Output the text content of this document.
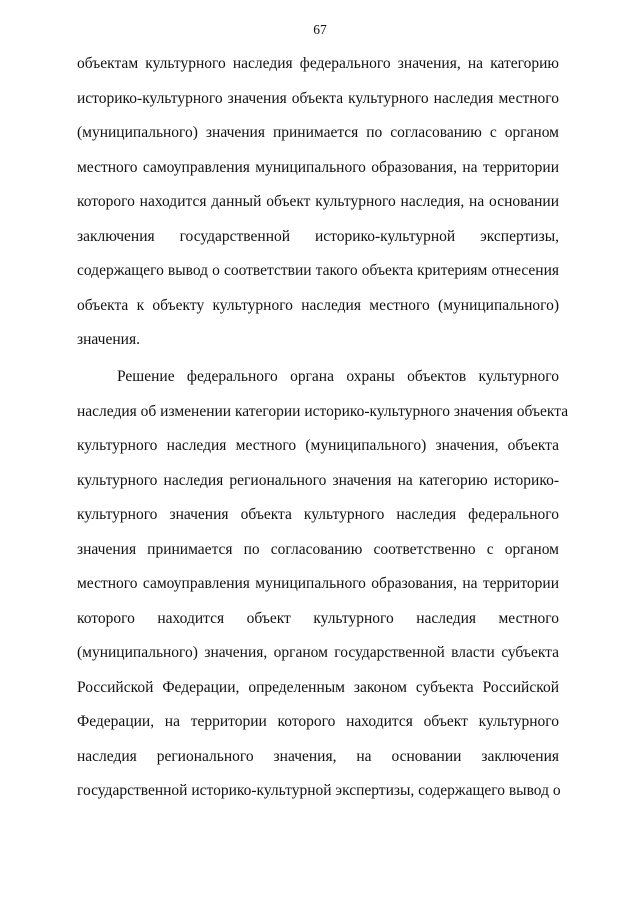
67
объектам культурного наследия федерального значения, на категорию
историко-культурного значения объекта культурного наследия местного
(муниципального) значения принимается по согласованию с органом
местного самоуправления муниципального образования, на территории
которого находится данный объект культурного наследия, на основании
заключения государственной историко-культурной экспертизы,
содержащего вывод о соответствии такого объекта критериям отнесения
объекта к объекту культурного наследия местного (муниципального)
значения.
Решение федерального органа охраны объектов культурного
наследия об изменении категории историко-культурного значения объекта
культурного наследия местного (муниципального) значения, объекта
культурного наследия регионального значения на категорию историко-
культурного значения объекта культурного наследия федерального
значения принимается по согласованию соответственно с органом
местного самоуправления муниципального образования, на территории
которого находится объект культурного наследия местного
(муниципального) значения, органом государственной власти субъекта
Российской Федерации, определенным законом субъекта Российской
Федерации, на территории которого находится объект культурного
наследия регионального значения, на основании заключения
государственной историко-культурной экспертизы, содержащего вывод о
